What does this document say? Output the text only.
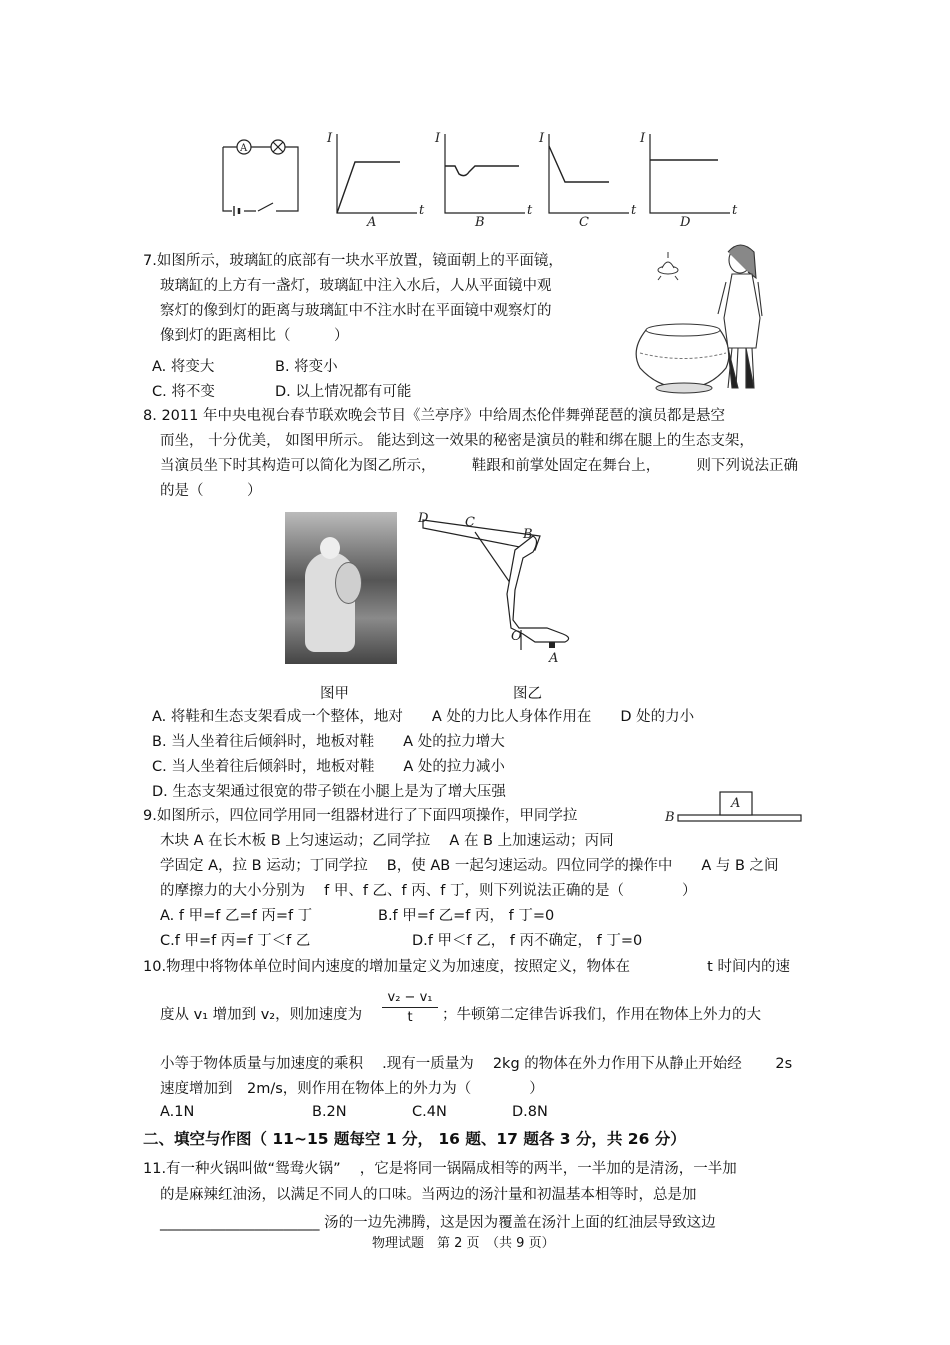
A
I
t
A
I
t
B
I
t
C
I
t
D
7.如图所示，玻璃缸的底部有一块水平放置，镜面朝上的平面镜，
玻璃缸的上方有一盏灯，玻璃缸中注入水后，人从平面镜中观
察灯的像到灯的距离与玻璃缸中不注水时在平面镜中观察灯的
像到灯的距离相比（　　　）
A. 将变大	B. 将变小
C. 将不变	D. 以上情况都有可能
8. 2011 年中央电视台春节联欢晚会节目《兰亭序》中给周杰伦伴舞弹琵琶的演员都是悬空
而坐， 十分优美， 如图甲所示。 能达到这一效果的秘密是演员的鞋和绑在腿上的生态支架，
当演员坐下时其构造可以简化为图乙所示，　　　鞋跟和前掌处固定在舞台上，　　　则下列说法正确
的是（　　　）
D	C
B
O
A
图甲	图乙
A. 将鞋和生态支架看成一个整体，地对　　A 处的力比人身体作用在　　D 处的力小
B. 当人坐着往后倾斜时，地板对鞋　　A 处的拉力增大
C. 当人坐着往后倾斜时，地板对鞋　　A 处的拉力减小
D. 生态支架通过很宽的带子锁在小腿上是为了增大压强
9.如图所示，四位同学用同一组器材进行了下面四项操作，甲同学拉
木块 A 在长木板 B 上匀速运动；乙同学拉　 A 在 B 上加速运动；丙同
学固定 A，拉 B 运动；丁同学拉　 B，使 AB 一起匀速运动。四位同学的操作中　　A 与 B 之间
的摩擦力的大小分别为　 f 甲、f 乙、f 丙、f 丁，则下列说法正确的是（　　　　）
B
A
A. f 甲=f 乙=f 丙=f 丁	B.f 甲=f 乙=f 丙， f 丁=0
C.f 甲=f 丙=f 丁＜f 乙	D.f 甲＜f 乙， f 丙不确定， f 丁=0
10.物理中将物体单位时间内速度的增加量定义为加速度，按照定义，物体在　　　　　 t 时间内的速
度从 v₁ 增加到 v₂，则加速度为 $\frac{\text{v₂ − v₁}}{t}$ ；牛顿第二定律告诉我们，作用在物体上外力的大
小等于物体质量与加速度的乘积　 .现有一质量为　 2kg 的物体在外力作用下从静止开始经　　 2s
速度增加到　2m/s，则作用在物体上的外力为（　　　　）
A.1N	B.2N	C.4N	D.8N
二、填空与作图（ 11~15 题每空 1 分， 16 题、17 题各 3 分，共 26 分）
11.有一种火锅叫做“鸳鸯火锅”　 ，它是将同一锅隔成相等的两半，一半加的是清汤，一半加
的是麻辣红油汤，以满足不同人的口味。当两边的汤汁量和初温基本相等时，总是加
______________________ 汤的一边先沸腾，这是因为覆盖在汤汁上面的红油层导致这边
物理试题　第 2 页　（共 9 页）
